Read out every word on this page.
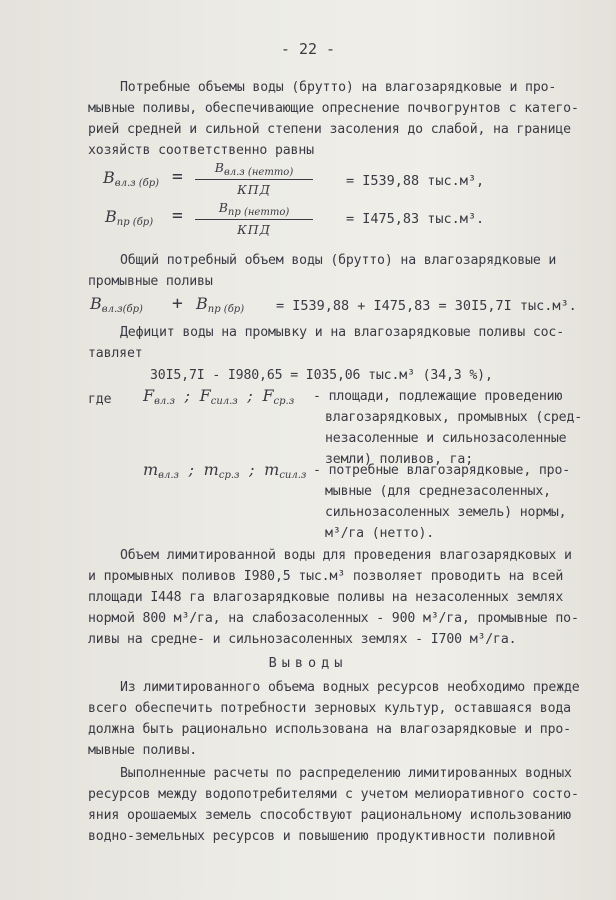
- 22 -
Потребные объемы воды (брутто) на влагозарядковые и про-
мывные поливы, обеспечивающие опреснение почвогрунтов с катего-
рией средней и сильной степени засоления до слабой, на границе
хозяйств соответственно равны
$В_{вл.з (бр)}$ =	$В_{вл.з (нетто)}$
КПД
= I539,88 тыс.м³,
$В_{пр (бр)}$ =	$В_{пр (нетто)}$
КПД
= I475,83 тыс.м³.
Общий потребный объем воды (брутто) на влагозарядковые и
промывные поливы
$В_{вл.з(бр)} + В_{пр (бр)} = I539,88 + I475,83 = 30I5,7I$ тыс.м³.
Дефицит воды на промывку и на влагозарядковые поливы сос-
тавляет
30I5,7I - I980,65 = I035,06 тыс.м³ (34,3 %),
где $F_{вл.з}$ ; $F_{сил.з}$ ; $F_{ср.з}$ - площади, подлежащие проведению
влагозарядковых, промывных (сред-
незасоленные и сильнозасоленные
земли) поливов, га;
$m_{вл.з}$ ; $m_{ср.з}$ ; $m_{сил.з}$ - потребные влагозарядковые, про-
мывные (для среднезасоленных,
сильнозасоленных земель) нормы,
м³/га (нетто).
Объем лимитированной воды для проведения влагозарядковых и
и промывных поливов I980,5 тыс.м³ позволяет проводить на всей
площади I448 га влагозарядковые поливы на незасоленных землях
нормой 800 м³/га, на слабозасоленных - 900 м³/га, промывные по-
ливы на средне- и сильнозасоленных землях - I700 м³/га.
Выводы
Из лимитированного объема водных ресурсов необходимо прежде
всего обеспечить потребности зерновых культур, оставшаяся вода
должна быть рационально использована на влагозарядковые и про-
мывные поливы.
Выполненные расчеты по распределению лимитированных водных
ресурсов между водопотребителями с учетом мелиоративного состо-
яния орошаемых земель способствуют рациональному использованию
водно-земельных ресурсов и повышению продуктивности поливной
